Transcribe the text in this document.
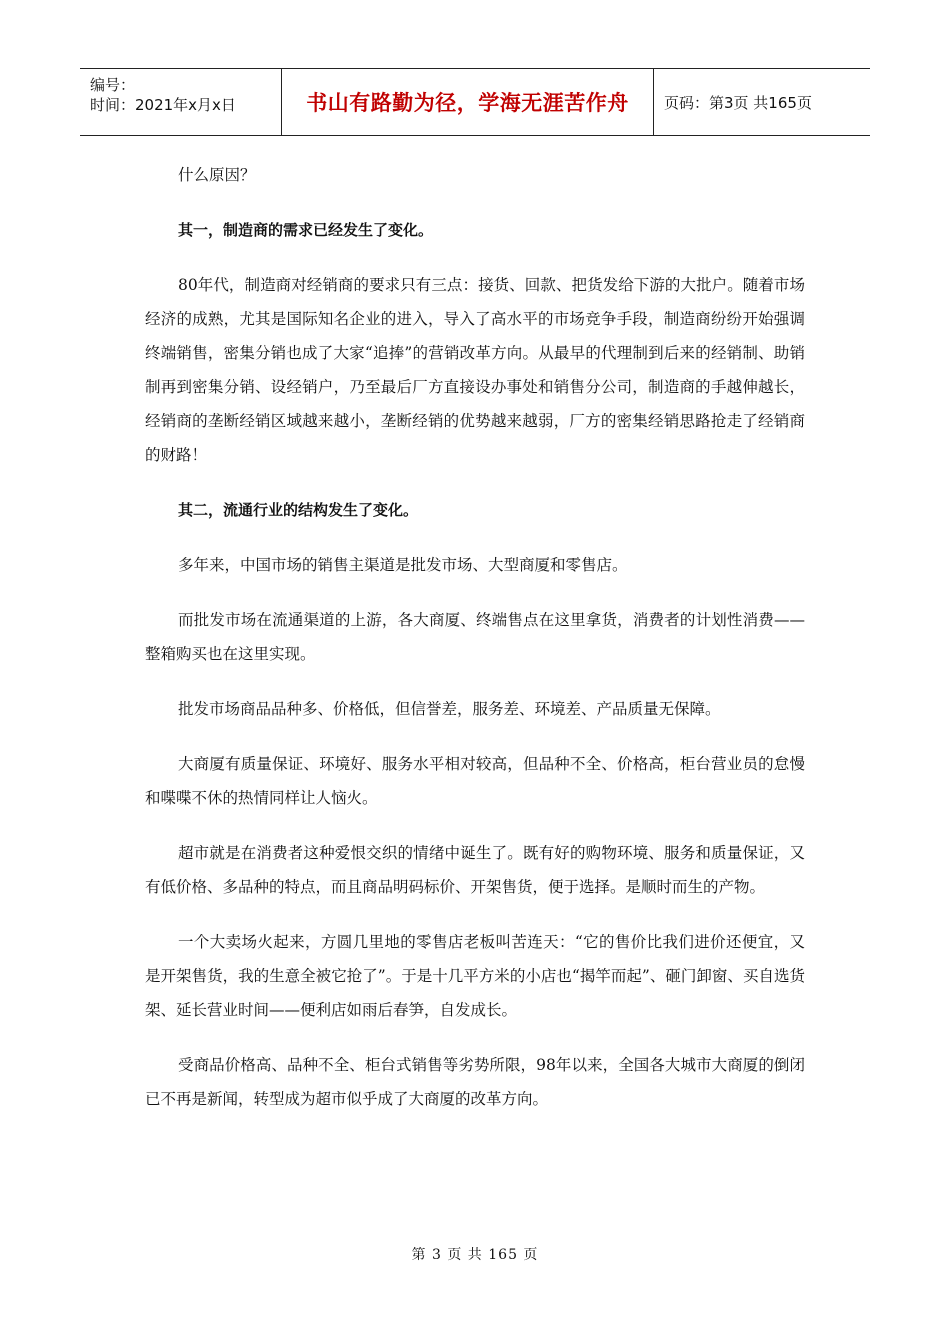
编号：
时间：2021年x月x日	书山有路勤为径，学海无涯苦作舟	页码：第3页 共165页

什么原因？

其一，制造商的需求已经发生了变化。

80年代，制造商对经销商的要求只有三点：接货、回款、把货发给下游的大批户。随着市场经济的成熟，尤其是国际知名企业的进入，导入了高水平的市场竞争手段，制造商纷纷开始强调终端销售，密集分销也成了大家“追捧”的营销改革方向。从最早的代理制到后来的经销制、助销制再到密集分销、设经销户，乃至最后厂方直接设办事处和销售分公司，制造商的手越伸越长，经销商的垄断经销区域越来越小，垄断经销的优势越来越弱，厂方的密集经销思路抢走了经销商的财路！

其二，流通行业的结构发生了变化。

多年来，中国市场的销售主渠道是批发市场、大型商厦和零售店。

而批发市场在流通渠道的上游，各大商厦、终端售点在这里拿货，消费者的计划性消费——整箱购买也在这里实现。

批发市场商品品种多、价格低，但信誉差，服务差、环境差、产品质量无保障。

大商厦有质量保证、环境好、服务水平相对较高，但品种不全、价格高，柜台营业员的怠慢和喋喋不休的热情同样让人恼火。

超市就是在消费者这种爱恨交织的情绪中诞生了。既有好的购物环境、服务和质量保证，又有低价格、多品种的特点，而且商品明码标价、开架售货，便于选择。是顺时而生的产物。

一个大卖场火起来，方圆几里地的零售店老板叫苦连天：“它的售价比我们进价还便宜，又是开架售货，我的生意全被它抢了”。于是十几平方米的小店也“揭竿而起”、砸门卸窗、买自选货架、延长营业时间——便利店如雨后春笋，自发成长。

受商品价格高、品种不全、柜台式销售等劣势所限，98年以来，全国各大城市大商厦的倒闭已不再是新闻，转型成为超市似乎成了大商厦的改革方向。

第 3 页 共 165 页
